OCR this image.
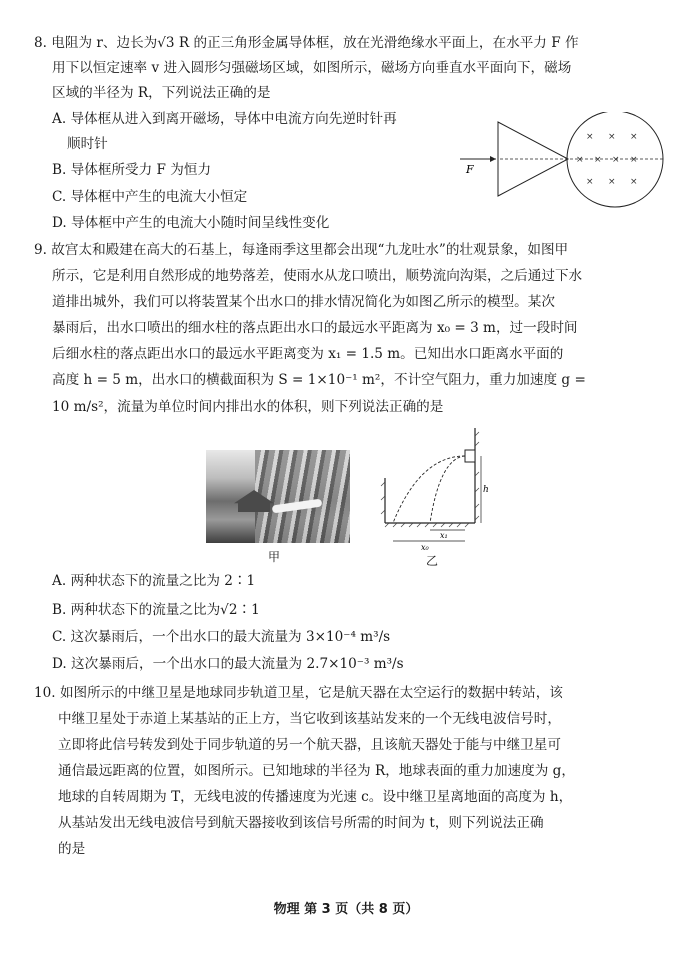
8. 电阻为 r、边长为√3 R 的正三角形金属导体框，放在光滑绝缘水平面上，在水平力 F 作
用下以恒定速率 v 进入圆形匀强磁场区域，如图所示，磁场方向垂直水平面向下，磁场
区域的半径为 R，下列说法正确的是
A. 导体框从进入到离开磁场，导体中电流方向先逆时针再
顺时针
B. 导体框所受力 F 为恒力
C. 导体框中产生的电流大小恒定
D. 导体框中产生的电流大小随时间呈线性变化
F
× × ×
× × × ×
× × ×
9. 故宫太和殿建在高大的石基上，每逢雨季这里都会出现“九龙吐水”的壮观景象，如图甲
所示，它是利用自然形成的地势落差，使雨水从龙口喷出，顺势流向沟渠，之后通过下水
道排出城外，我们可以将装置某个出水口的排水情况简化为如图乙所示的模型。某次
暴雨后，出水口喷出的细水柱的落点距出水口的最远水平距离为 x₀ = 3 m，过一段时间
后细水柱的落点距出水口的最远水平距离变为 x₁ = 1.5 m。已知出水口距离水平面的
高度 h = 5 m，出水口的横截面积为 S = 1×10⁻¹ m²，不计空气阻力，重力加速度 g =
10 m/s²，流量为单位时间内排出水的体积，则下列说法正确的是
甲
h
x₁
x₀
乙
A. 两种状态下的流量之比为 2∶1
B. 两种状态下的流量之比为√2∶1
C. 这次暴雨后，一个出水口的最大流量为 3×10⁻⁴ m³/s
D. 这次暴雨后，一个出水口的最大流量为 2.7×10⁻³ m³/s
10. 如图所示的中继卫星是地球同步轨道卫星，它是航天器在太空运行的数据中转站，该
中继卫星处于赤道上某基站的正上方，当它收到该基站发来的一个无线电波信号时，
立即将此信号转发到处于同步轨道的另一个航天器，且该航天器处于能与中继卫星可
通信最远距离的位置，如图所示。已知地球的半径为 R，地球表面的重力加速度为 g，
地球的自转周期为 T，无线电波的传播速度为光速 c。设中继卫星离地面的高度为 h，
从基站发出无线电波信号到航天器接收到该信号所需的时间为 t，则下列说法正确
的是
物理 第 3 页（共 8 页）
